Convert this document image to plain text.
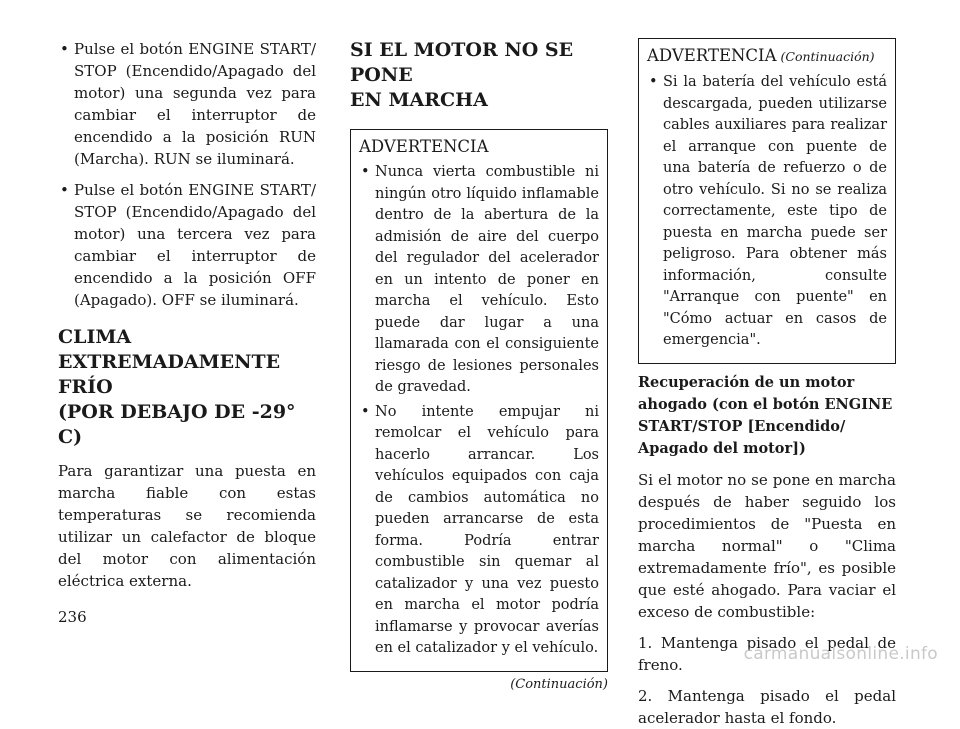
• Pulse el botón ENGINE START/ STOP (Encendido/Apagado del motor) una segunda vez para cambiar el interruptor de encendido a la posición RUN (Marcha). RUN se iluminará.
• Pulse el botón ENGINE START/ STOP (Encendido/Apagado del motor) una tercera vez para cambiar el interruptor de encendido a la posición OFF (Apagado). OFF se iluminará.
CLIMA
EXTREMADAMENTE FRÍO
(POR DEBAJO DE -29° C)

Para garantizar una puesta en marcha fiable con estas temperaturas se recomienda utilizar un calefactor de bloque del motor con alimentación eléctrica externa.

SI EL MOTOR NO SE PONE
EN MARCHA
ADVERTENCIA
• Nunca vierta combustible ni ningún otro líquido inflamable dentro de la abertura de la admisión de aire del cuerpo del regulador del acelerador en un intento de poner en marcha el vehículo. Esto puede dar lugar a una llamarada con el consiguiente riesgo de lesiones personales de gravedad.
• No intente empujar ni remolcar el vehículo para hacerlo arrancar. Los vehículos equipados con caja de cambios automática no pueden arrancarse de esta forma. Podría entrar combustible sin quemar al catalizador y una vez puesto en marcha el motor podría inflamarse y provocar averías en el catalizador y el vehículo.
(Continuación)
ADVERTENCIA (Continuación)
• Si la batería del vehículo está descargada, pueden utilizarse cables auxiliares para realizar el arranque con puente de una batería de refuerzo o de otro vehículo. Si no se realiza correctamente, este tipo de puesta en marcha puede ser peligroso. Para obtener más información, consulte "Arranque con puente" en "Cómo actuar en casos de emergencia".
Recuperación de un motor ahogado (con el botón ENGINE START/STOP [Encendido/ Apagado del motor])

Si el motor no se pone en marcha después de haber seguido los procedimientos de "Puesta en marcha normal" o "Clima extremadamente frío", es posible que esté ahogado. Para vaciar el exceso de combustible:

1. Mantenga pisado el pedal de freno.
2. Mantenga pisado el pedal acelerador hasta el fondo.
236
carmanualsonline.info
